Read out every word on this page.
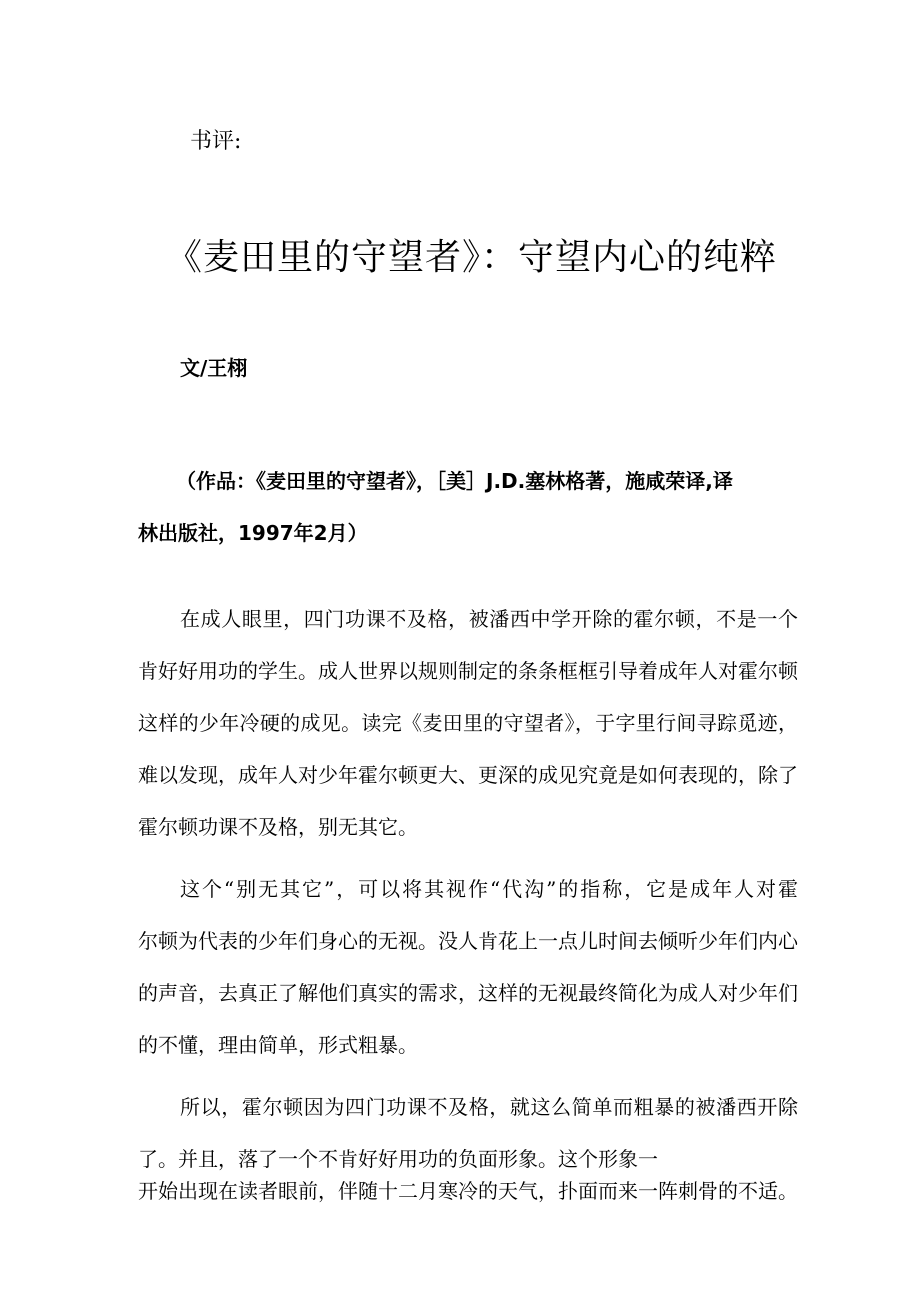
书评:
《麦田里的守望者》：守望内心的纯粹
文/王栩
（作品：《麦田里的守望者》，［美］J.D.塞林格著，施咸荣译,译
林出版社，1997年2月）
在成人眼里，四门功课不及格，被潘西中学开除的霍尔顿，不是一个
肯好好用功的学生。成人世界以规则制定的条条框框引导着成年人对霍尔顿
这样的少年冷硬的成见。读完《麦田里的守望者》，于字里行间寻踪觅迹，
难以发现，成年人对少年霍尔顿更大、更深的成见究竟是如何表现的，除了
霍尔顿功课不及格，别无其它。
这个“别无其它”，可以将其视作“代沟”的指称，它是成年人对霍
尔顿为代表的少年们身心的无视。没人肯花上一点儿时间去倾听少年们内心
的声音，去真正了解他们真实的需求，这样的无视最终简化为成人对少年们
的不懂，理由简单，形式粗暴。
所以，霍尔顿因为四门功课不及格，就这么简单而粗暴的被潘西开除
了。并且，落了一个不肯好好用功的负面形象。这个形象一
开始出现在读者眼前，伴随十二月寒冷的天气，扑面而来一阵刺骨的不适。
